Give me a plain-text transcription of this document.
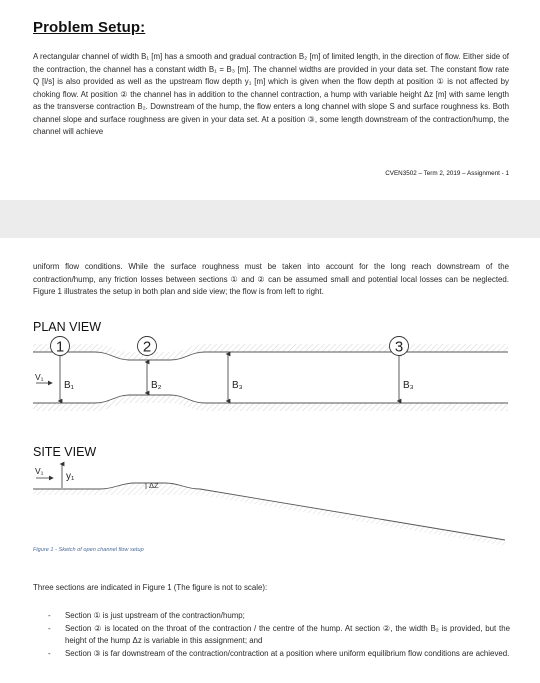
Problem Setup:
A rectangular channel of width B₁ [m] has a smooth and gradual contraction B₂ [m] of limited length, in the direction of flow. Either side of the contraction, the channel has a constant width B₁ = B₃ [m]. The channel widths are provided in your data set. The constant flow rate Q [l/s] is also provided as well as the upstream flow depth y₁ [m] which is given when the flow depth at position ① is not affected by choking flow. At position ② the channel has in addition to the channel contraction, a hump with variable height Δz [m] with same length as the transverse contraction B₂. Downstream of the hump, the flow enters a long channel with slope S and surface roughness ks. Both channel slope and surface roughness are given in your data set. At a position ③, some length downstream of the contraction/hump, the channel will achieve
CVEN3502 – Term 2, 2019 – Assignment - 1
uniform flow conditions. While the surface roughness must be taken into account for the long reach downstream of the contraction/hump, any friction losses between sections ① and ② can be assumed small and potential local losses can be neglected. Figure 1 illustrates the setup in both plan and side view; the flow is from left to right.
PLAN VIEW
SITE VIEW
1	2	3
V₁
B₁	B₂	B₃	B₃
V₁ y₁
ΔZ
Figure 1 - Sketch of open channel flow setup
Three sections are indicated in Figure 1 (The figure is not to scale):
- Section ① is just upstream of the contraction/hump;
- Section ② is located on the throat of the contraction / the centre of the hump. At section ②, the width B₂ is provided, but the height of the hump Δz is variable in this assignment; and
- Section ③ is far downstream of the contraction/contraction at a position where uniform equilibrium flow conditions are achieved.
